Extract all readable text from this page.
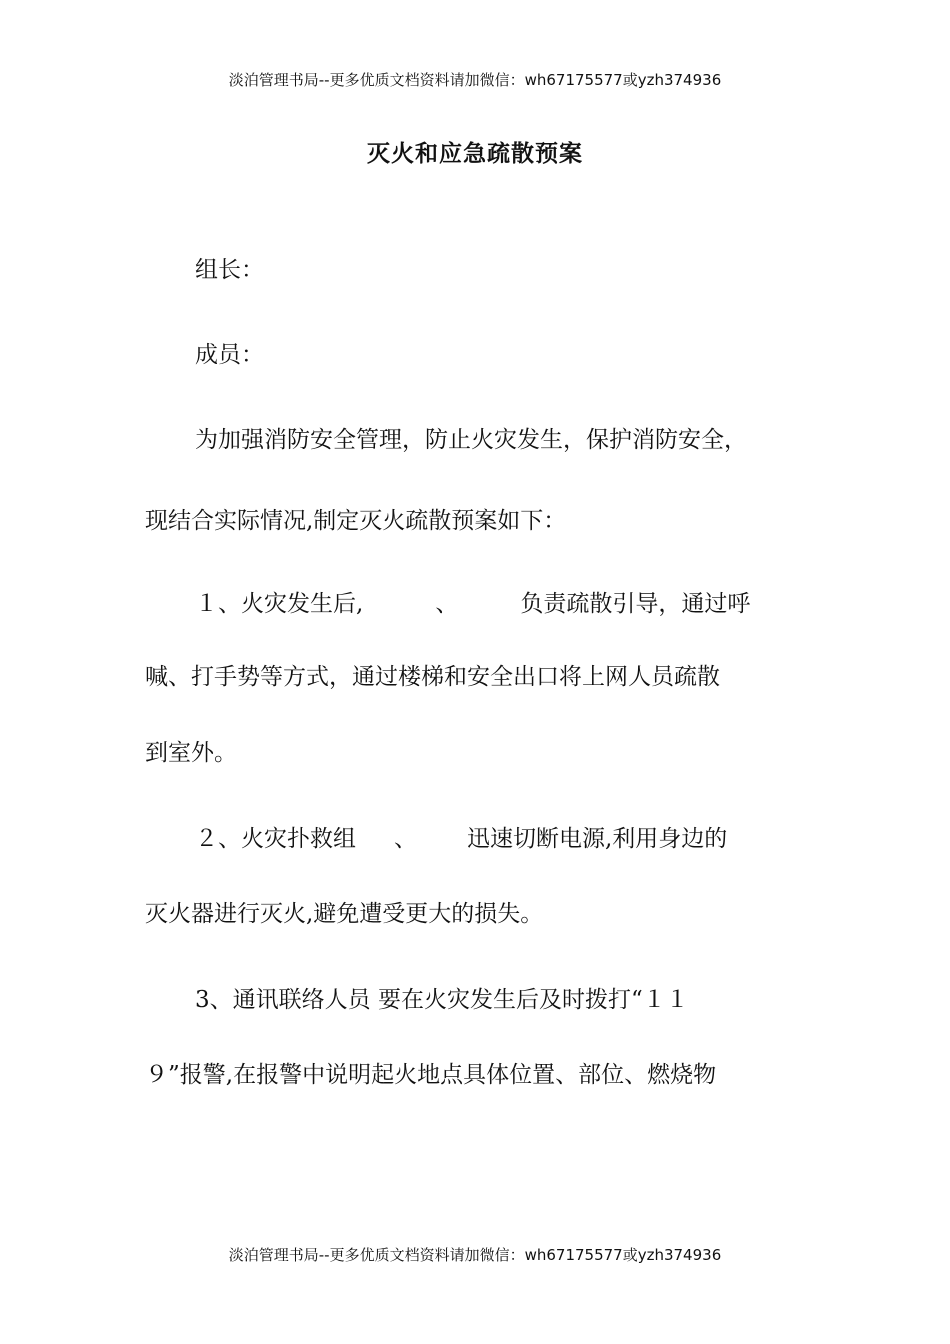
淡泊管理书局--更多优质文档资料请加微信：wh67175577或yzh374936
灭火和应急疏散预案
组长：
成员：
为加强消防安全管理，防止火灾发生，保护消防安全，
现结合实际情况,制定灭火疏散预案如下：
１、火灾发生后,	、	负责疏散引导，通过呼
喊、打手势等方式，通过楼梯和安全出口将上网人员疏散
到室外。
２、火灾扑救组 、 迅速切断电源,利用身边的
灭火器进行灭火,避免遭受更大的损失。
3、通讯联络人员 要在火灾发生后及时拨打“１１
９”报警,在报警中说明起火地点具体位置、部位、燃烧物
淡泊管理书局--更多优质文档资料请加微信：wh67175577或yzh374936
